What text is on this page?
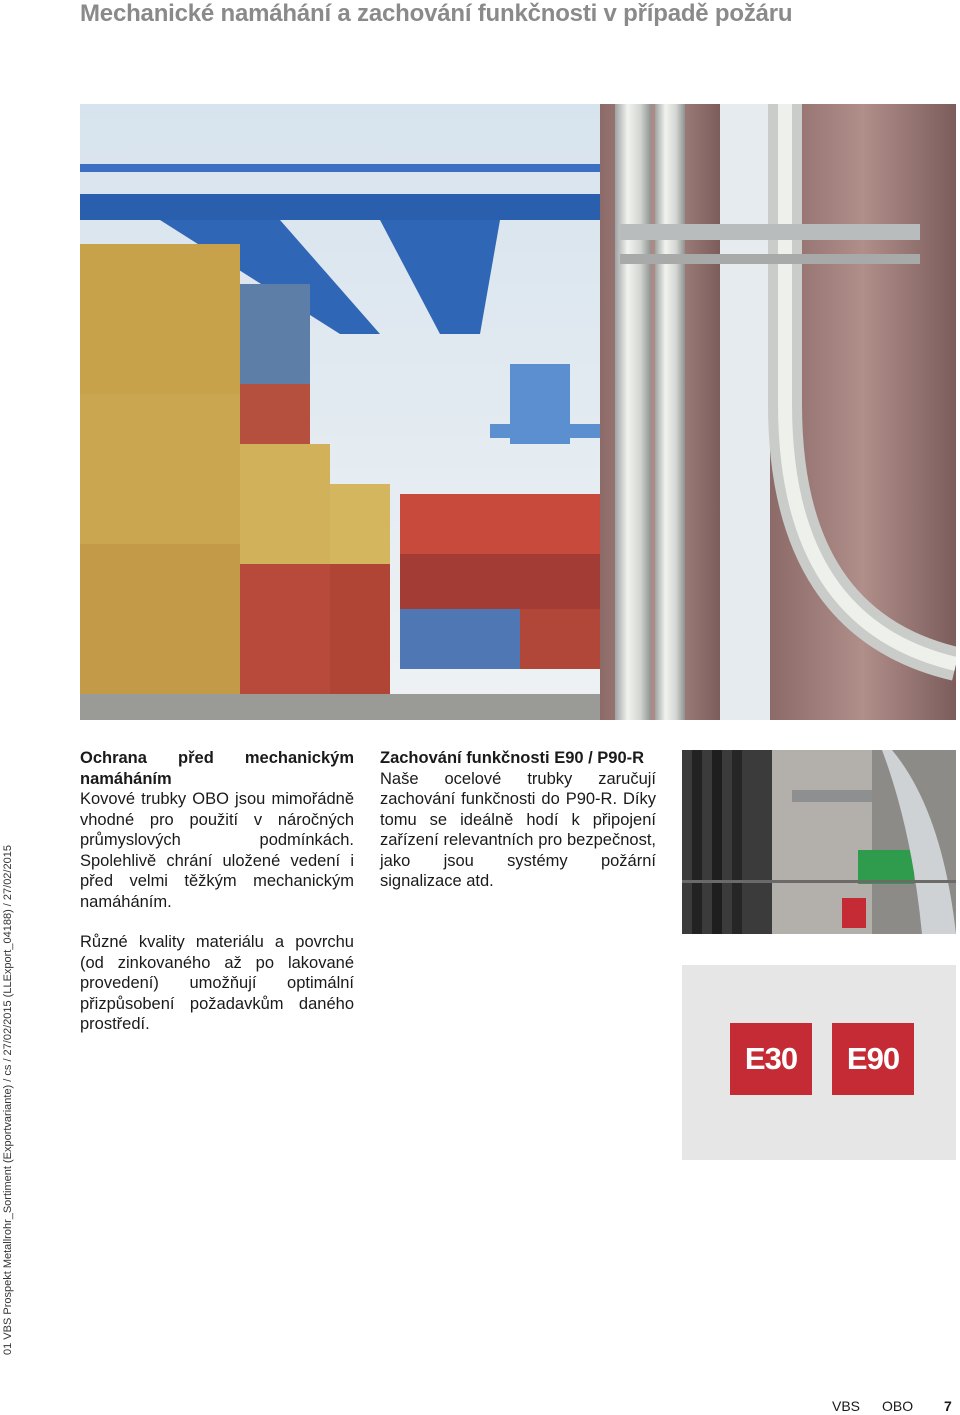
Mechanické namáhání a zachování funkčnosti v případě požáru
01 VBS Prospekt Metallrohr_Sortiment (Exportvariante) / cs / 27/02/2015 (LLExport_04188) / 27/02/2015
Ochrana před mechanickým namáháním

Kovové trubky OBO jsou mimořádně vhodné pro použití v náročných průmyslových podmínkách. Spolehlivě chrání uložené vedení i před velmi těžkým mechanickým namáháním.

Různé kvality materiálu a povrchu (od zinkovaného až po lakované provedení) umožňují optimální přizpůsobení požadavkům daného prostředí.

Zachování funkčnosti E90 / P90-R

Naše ocelové trubky zaručují zachování funkčnosti do P90-R. Díky tomu se ideálně hodí k připojení zařízení relevantních pro bezpečnost, jako jsou systémy požární signalizace atd.

E30	E90
VBS OBO 7
